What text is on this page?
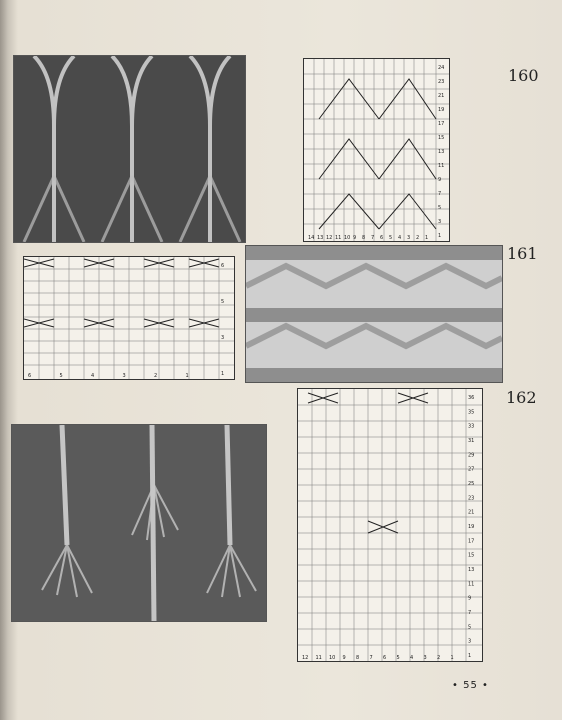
1
3
5
7
9
11
13
15
17
19
21
23
24
14 13 12 11 10 9 8 7 6 5 4 3 2 1
160
1
3
5
6
6	5	4	3	2	1
161
1
3
5
7
9
11
13
15
17
19
21
23
25
27
29
31
33
35
36
12 11 10 9 8 7 6 5 4 3 2 1
162
• 55 •
